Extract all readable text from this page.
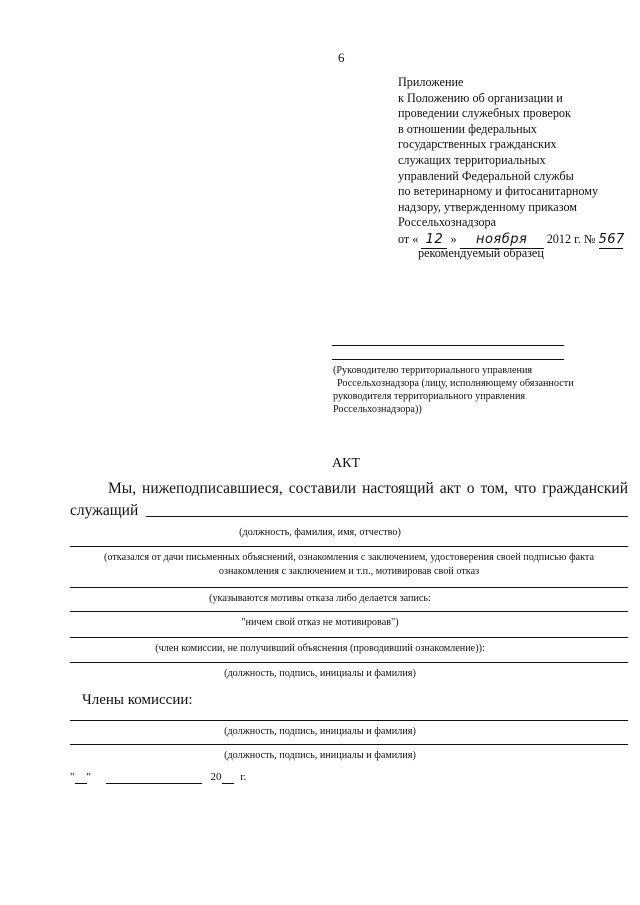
6
Приложение
к Положению об организации и
проведении служебных проверок
в отношении федеральных
государственных гражданских
служащих территориальных
управлений Федеральной службы
по ветеринарному и фитосанитарному
надзору, утвержденному приказом
Россельхознадзора
от « 12 » ноября 2012 г. № 567
рекомендуемый образец
(Руководителю территориального управления
Россельхознадзора (лицу, исполняющему обязанности
руководителя территориального управления
Россельхознадзора))
АКТ
Мы, нижеподписавшиеся, составили настоящий акт о том, что гражданский
служащий
(должность, фамилия, имя, отчество)
(отказался от дачи письменных объяснений, ознакомления с заключением, удостоверения своей подписью факта
ознакомления с заключением и т.п., мотивировав свой отказ
(указываются мотивы отказа либо делается запись:
"ничем свой отказ не мотивировав")
(член комиссии, не получивший объяснения (проводивший ознакомление)):
(должность, подпись, инициалы и фамилия)
Члены комиссии:
(должность, подпись, инициалы и фамилия)
(должность, подпись, инициалы и фамилия)
" "	20 г.
